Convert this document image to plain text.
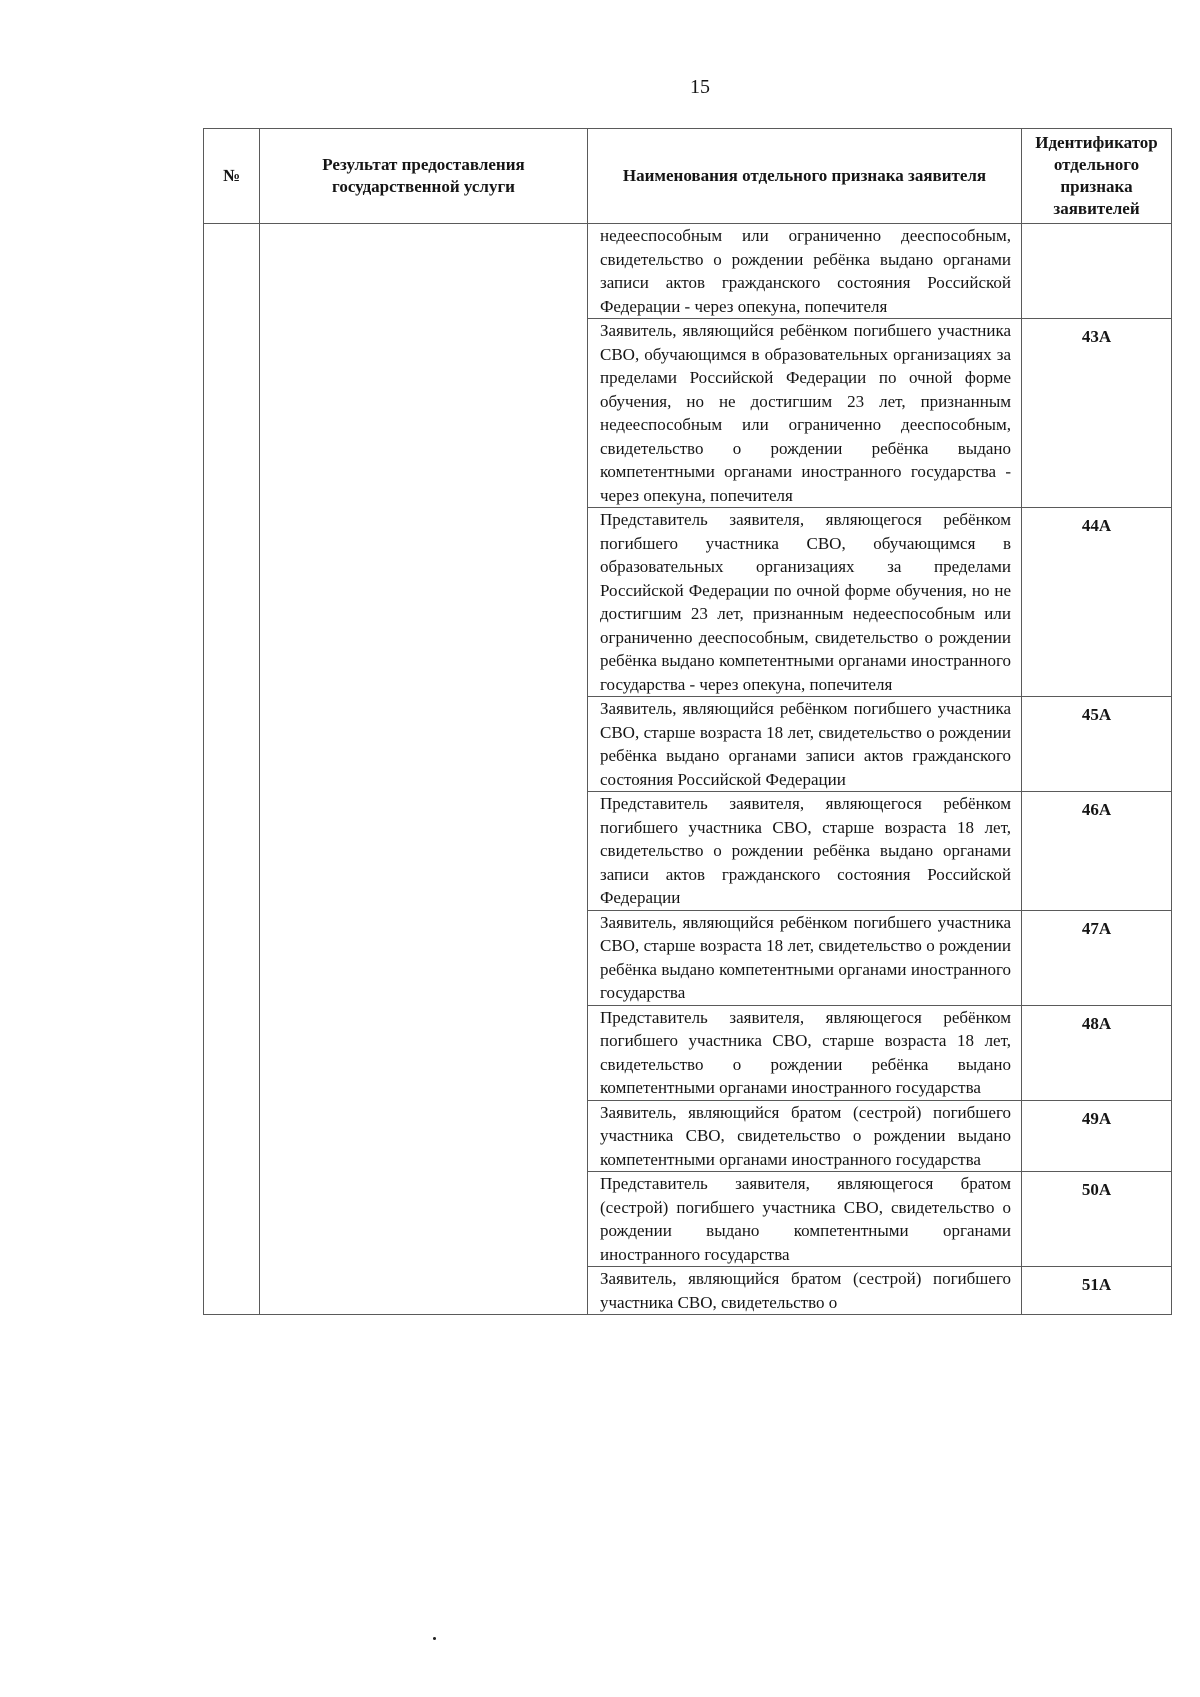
15
№	Результат предоставления государственной услуги	Наименования отдельного признака заявителя	Идентификатор отдельного признака заявителей
		недееспособным или ограниченно дееспособным, свидетельство о рождении ребёнка выдано органами записи актов гражданского состояния Российской Федерации - через опекуна, попечителя	
		Заявитель, являющийся ребёнком погибшего участника СВО, обучающимся в образовательных организациях за пределами Российской Федерации по очной форме обучения, но не достигшим 23 лет, признанным недееспособным или ограниченно дееспособным, свидетельство о рождении ребёнка выдано компетентными органами иностранного государства - через опекуна, попечителя	43А
		Представитель заявителя, являющегося ребёнком погибшего участника СВО, обучающимся в образовательных организациях за пределами Российской Федерации по очной форме обучения, но не достигшим 23 лет, признанным недееспособным или ограниченно дееспособным, свидетельство о рождении ребёнка выдано компетентными органами иностранного государства - через опекуна, попечителя	44А
		Заявитель, являющийся ребёнком погибшего участника СВО, старше возраста 18 лет, свидетельство о рождении ребёнка выдано органами записи актов гражданского состояния Российской Федерации	45А
		Представитель заявителя, являющегося ребёнком погибшего участника СВО, старше возраста 18 лет, свидетельство о рождении ребёнка выдано органами записи актов гражданского состояния Российской Федерации	46А
		Заявитель, являющийся ребёнком погибшего участника СВО, старше возраста 18 лет, свидетельство о рождении ребёнка выдано компетентными органами иностранного государства	47А
		Представитель заявителя, являющегося ребёнком погибшего участника СВО, старше возраста 18 лет, свидетельство о рождении ребёнка выдано компетентными органами иностранного государства	48А
		Заявитель, являющийся братом (сестрой) погибшего участника СВО, свидетельство о рождении выдано компетентными органами иностранного государства	49А
		Представитель заявителя, являющегося братом (сестрой) погибшего участника СВО, свидетельство о рождении выдано компетентными органами иностранного государства	50А
		Заявитель, являющийся братом (сестрой) погибшего участника СВО, свидетельство о	51А
